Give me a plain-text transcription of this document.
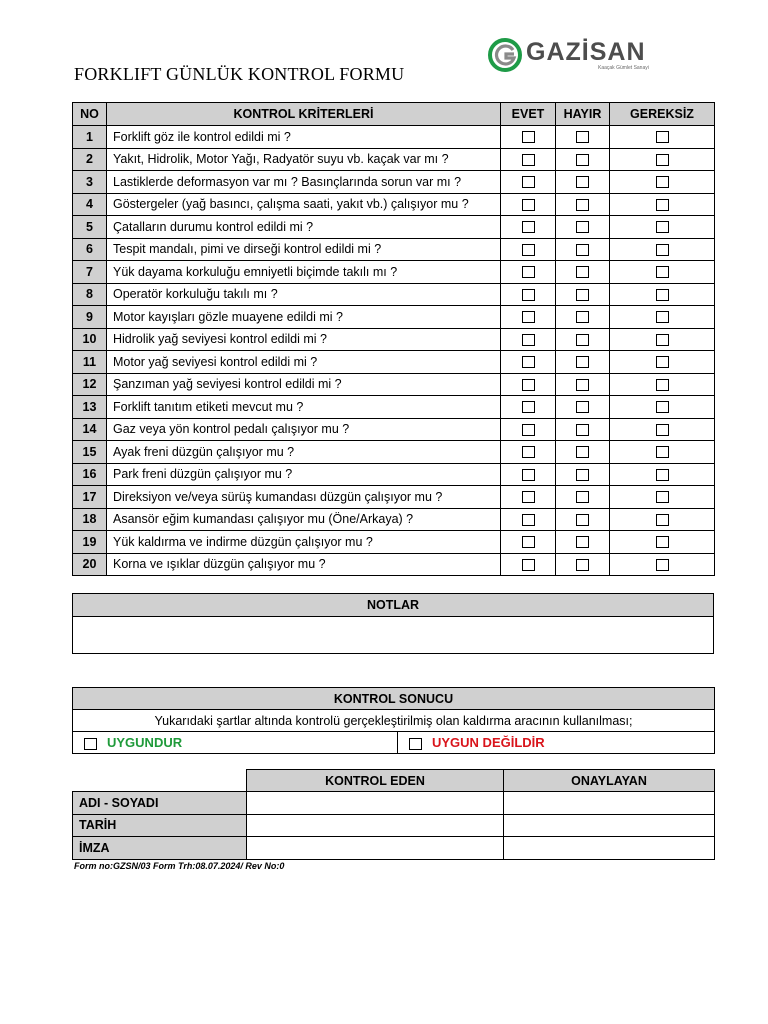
FORKLIFT GÜNLÜK KONTROL FORMU
GAZİSAN
Kaaçak Gümlet Sanayi
NO	KONTROL KRİTERLERİ	EVET	HAYIR	GEREKSİZ
1	Forklift göz ile kontrol edildi mi ?			
2	Yakıt, Hidrolik, Motor Yağı, Radyatör suyu vb. kaçak var mı ?			
3	Lastiklerde deformasyon var mı ? Basınçlarında sorun var mı ?			
4	Göstergeler (yağ basıncı, çalışma saati, yakıt vb.) çalışıyor mu ?			
5	Çatalların durumu kontrol edildi mi ?			
6	Tespit mandalı, pimi ve dirseği kontrol edildi mi ?			
7	Yük dayama korkuluğu emniyetli biçimde takılı mı ?			
8	Operatör korkuluğu takılı mı ?			
9	Motor kayışları gözle muayene edildi mi ?			
10	Hidrolik yağ seviyesi kontrol edildi mi ?			
11	Motor yağ seviyesi kontrol edildi mi ?			
12	Şanzıman yağ seviyesi kontrol edildi mi ?			
13	Forklift tanıtım etiketi mevcut mu ?			
14	Gaz veya yön kontrol pedalı çalışıyor mu ?			
15	Ayak freni düzgün çalışıyor mu ?			
16	Park freni düzgün çalışıyor mu ?			
17	Direksiyon ve/veya sürüş kumandası düzgün çalışıyor mu ?			
18	Asansör eğim kumandası çalışıyor mu (Öne/Arkaya) ?			
19	Yük kaldırma ve indirme düzgün çalışıyor mu ?			
20	Korna ve ışıklar düzgün çalışıyor mu ?			
NOTLAR

KONTROL SONUCU
Yukarıdaki şartlar altında kontrolü gerçekleştirilmiş olan kaldırma aracının kullanılması;
UYGUNDUR	UYGUN DEĞİLDİR
	KONTROL EDEN	ONAYLAYAN
ADI - SOYADI		
TARİH		
İMZA		
Form no:GZSN/03 Form Trh:08.07.2024/ Rev No:0
